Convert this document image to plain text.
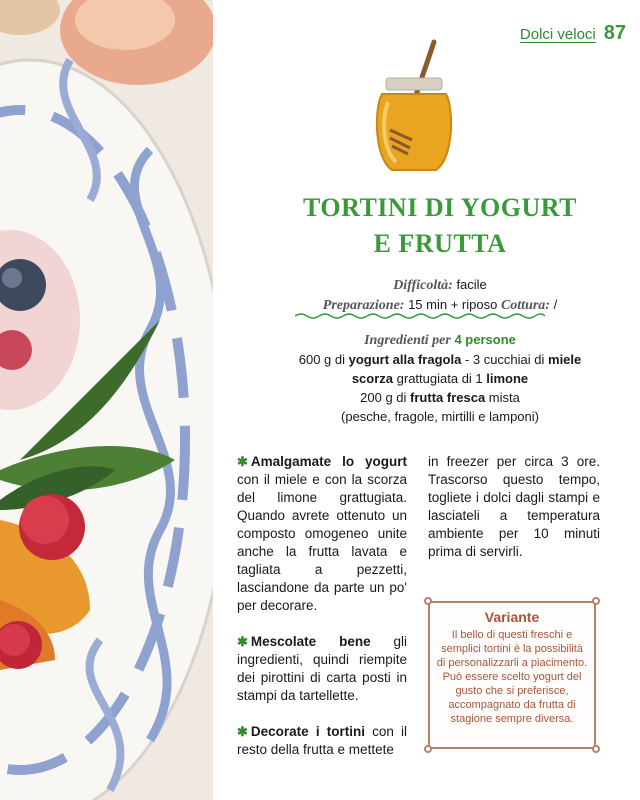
Dolci veloci 87
TORTINI DI YOGURT
E FRUTTA
Difficoltà: facile
Preparazione: 15 min + riposo Cottura: /
Ingredienti per 4 persone
600 g di yogurt alla fragola - 3 cucchiai di miele
scorza grattugiata di 1 limone
200 g di frutta fresca mista
(pesche, fragole, mirtilli e lamponi)

✱ Amalgamate lo yogurt con il miele e con la scorza del limone grattugiata. Quando avrete ottenuto un composto omogeneo unite anche la frutta lavata e tagliata a pezzetti, lasciandone da parte un po' per decorare.

✱ Mescolate bene gli ingredienti, quindi riempite dei pirottini di carta posti in stampi da tartellette.

✱ Decorate i tortini con il resto della frutta e mettete

in freezer per circa 3 ore. Trascorso questo tempo, togliete i dolci dagli stampi e lasciateli a temperatura ambiente per 10 minuti prima di servirli.

Variante
Il bello di questi freschi e semplici tortini è la possibilità di personalizzarli a piacimento. Può essere scelto yogurt del gusto che si preferisce, accompagnato da frutta di stagione sempre diversa.
